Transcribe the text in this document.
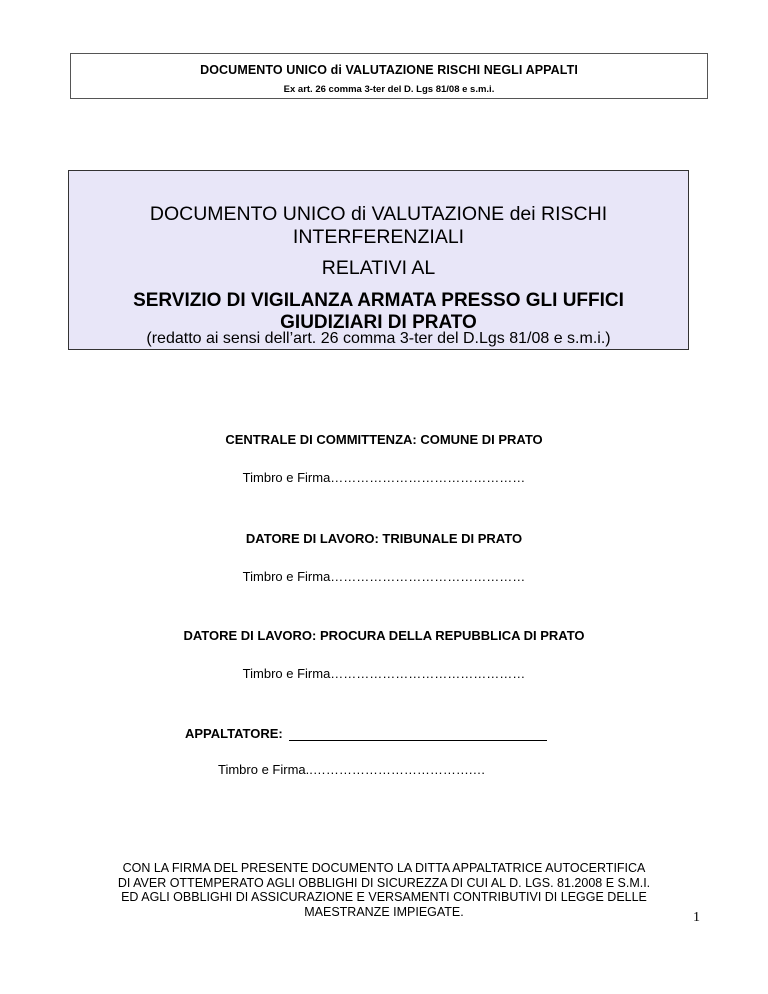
DOCUMENTO UNICO di VALUTAZIONE RISCHI NEGLI APPALTI
Ex art. 26 comma 3-ter del D. Lgs 81/08 e s.m.i.
DOCUMENTO UNICO di VALUTAZIONE dei RISCHI
INTERFERENZIALI
RELATIVI AL
SERVIZIO DI VIGILANZA ARMATA PRESSO GLI UFFICI
GIUDIZIARI DI PRATO
(redatto ai sensi dell’art. 26 comma 3-ter del D.Lgs 81/08 e s.m.i.)
CENTRALE DI COMMITTENZA: COMUNE DI PRATO
Timbro e Firma………………………………………
DATORE DI LAVORO: TRIBUNALE DI PRATO
Timbro e Firma………………………………………
DATORE DI LAVORO: PROCURA DELLA REPUBBLICA DI PRATO
Timbro e Firma………………………………………
APPALTATORE:
Timbro e Firma..……………………………….…
CON LA FIRMA DEL PRESENTE DOCUMENTO LA DITTA APPALTATRICE AUTOCERTIFICA
DI AVER OTTEMPERATO AGLI OBBLIGHI DI SICUREZZA DI CUI AL D. LGS. 81.2008 E S.M.I.
ED AGLI OBBLIGHI DI ASSICURAZIONE E VERSAMENTI CONTRIBUTIVI DI LEGGE DELLE
MAESTRANZE IMPIEGATE.	1
